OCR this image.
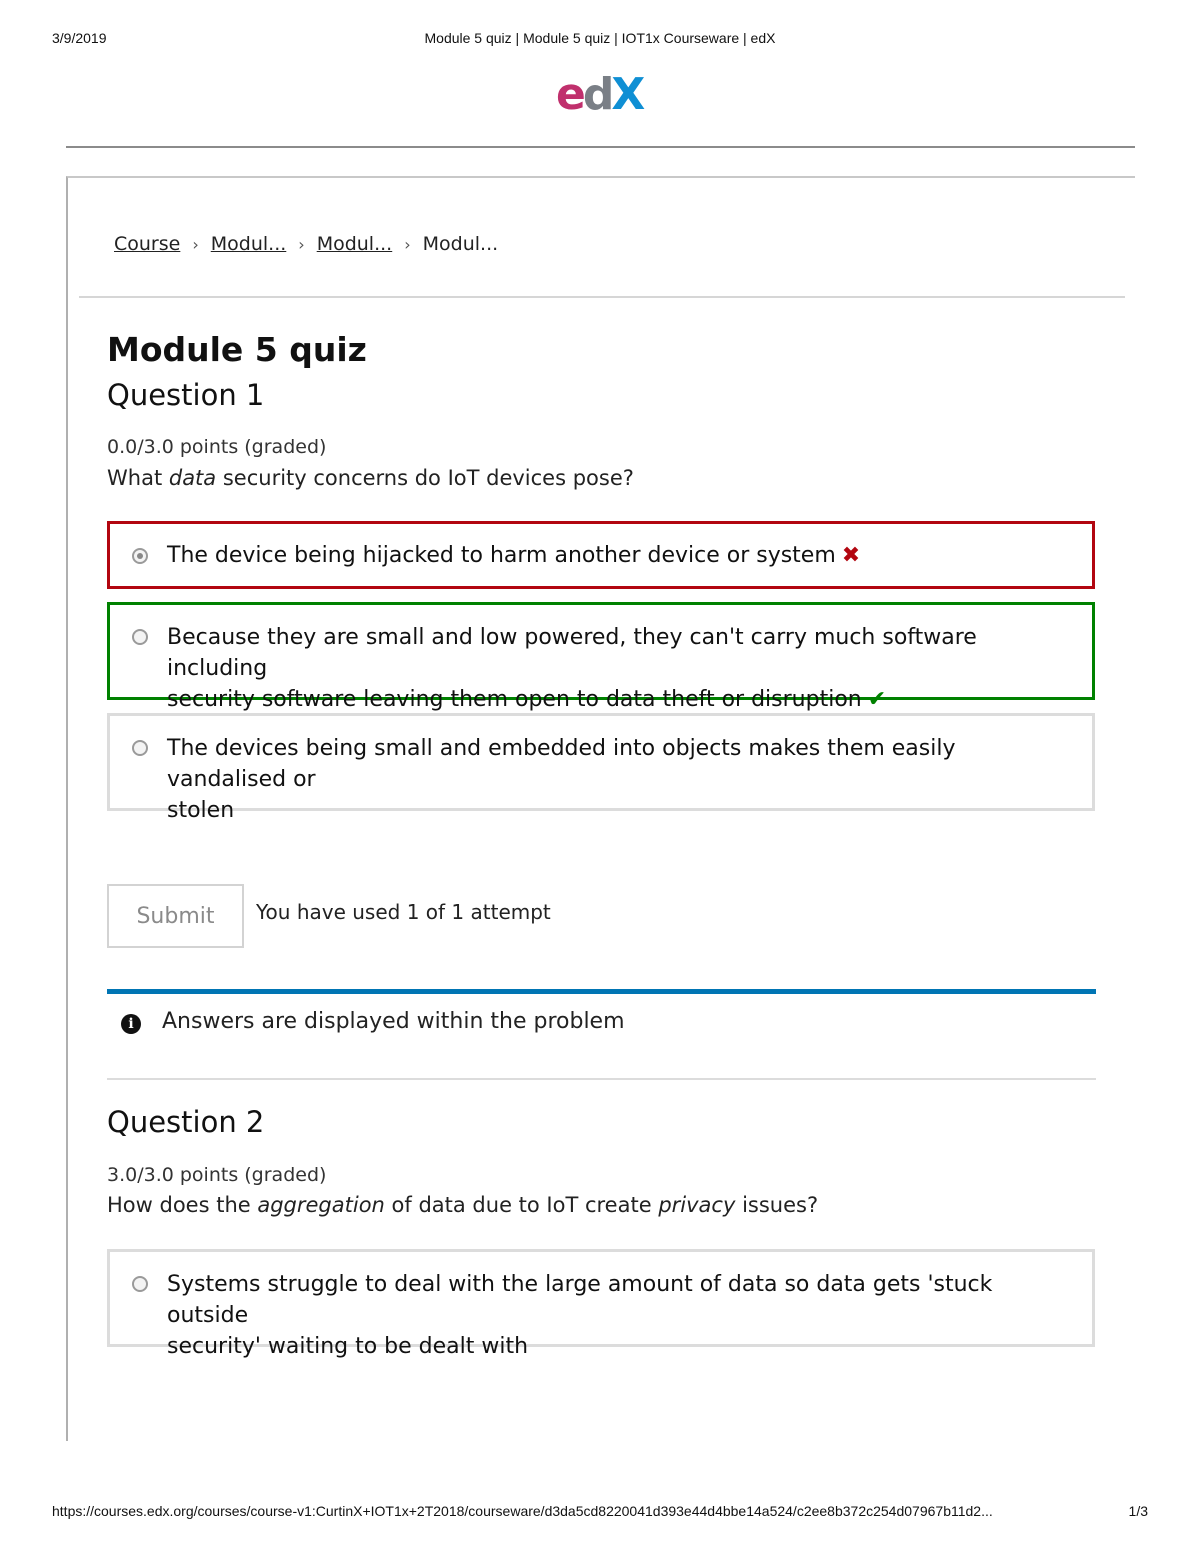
3/9/2019	Module 5 quiz | Module 5 quiz | IOT1x Courseware | edX
edX
Course › Modul... › Modul... › Modul...
Module 5 quiz
Question 1
0.0/3.0 points (graded)
What data security concerns do IoT devices pose?
The device being hijacked to harm another device or system ✖
Because they are small and low powered, they can't carry much software including
security software leaving them open to data theft or disruption ✔
The devices being small and embedded into objects makes them easily vandalised or
stolen
Submit	You have used 1 of 1 attempt
i	Answers are displayed within the problem
Question 2
3.0/3.0 points (graded)
How does the aggregation of data due to IoT create privacy issues?
Systems struggle to deal with the large amount of data so data gets 'stuck outside
security' waiting to be dealt with
https://courses.edx.org/courses/course-v1:CurtinX+IOT1x+2T2018/courseware/d3da5cd8220041d393e44d4bbe14a524/c2ee8b372c254d07967b11d2...	1/3
